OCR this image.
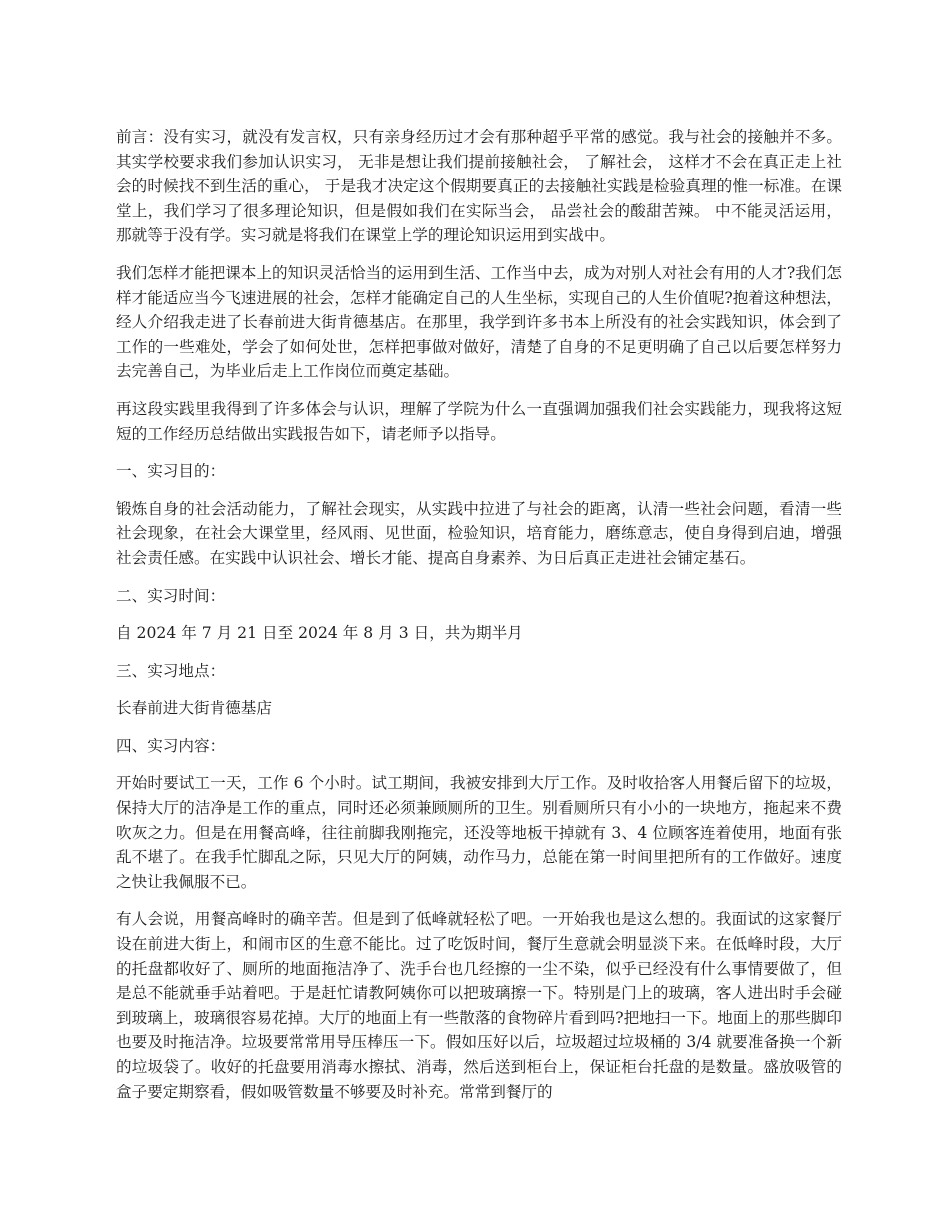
前言：没有实习，就没有发言权，只有亲身经历过才会有那种超乎平常的感觉。我与社会的接触并不多。其实学校要求我们参加认识实习， 无非是想让我们提前接触社会， 了解社会， 这样才不会在真正走上社会的时候找不到生活的重心， 于是我才决定这个假期要真正的去接触社实践是检验真理的惟一标准。在课堂上，我们学习了很多理论知识，但是假如我们在实际当会， 品尝社会的酸甜苦辣。 中不能灵活运用，那就等于没有学。实习就是将我们在课堂上学的理论知识运用到实战中。

我们怎样才能把课本上的知识灵活恰当的运用到生活、工作当中去，成为对别人对社会有用的人才?我们怎样才能适应当今飞速进展的社会，怎样才能确定自己的人生坐标，实现自己的人生价值呢?抱着这种想法，经人介绍我走进了长春前进大街肯德基店。在那里，我学到许多书本上所没有的社会实践知识，体会到了工作的一些难处，学会了如何处世，怎样把事做对做好，清楚了自身的不足更明确了自己以后要怎样努力去完善自己，为毕业后走上工作岗位而奠定基础。

再这段实践里我得到了许多体会与认识，理解了学院为什么一直强调加强我们社会实践能力，现我将这短短的工作经历总结做出实践报告如下，请老师予以指导。

一、实习目的：

锻炼自身的社会活动能力，了解社会现实，从实践中拉进了与社会的距离，认清一些社会问题，看清一些社会现象，在社会大课堂里，经风雨、见世面，检验知识，培育能力，磨练意志，使自身得到启迪，增强社会责任感。在实践中认识社会、增长才能、提高自身素养、为日后真正走进社会铺定基石。

二、实习时间：

自 2024 年 7 月 21 日至 2024 年 8 月 3 日，共为期半月

三、实习地点：

长春前进大街肯德基店

四、实习内容：

开始时要试工一天，工作 6 个小时。试工期间，我被安排到大厅工作。及时收拾客人用餐后留下的垃圾，保持大厅的洁净是工作的重点，同时还必须兼顾厕所的卫生。别看厕所只有小小的一块地方，拖起来不费吹灰之力。但是在用餐高峰，往往前脚我刚拖完，还没等地板干掉就有 3、4 位顾客连着使用，地面有张乱不堪了。在我手忙脚乱之际，只见大厅的阿姨，动作马力，总能在第一时间里把所有的工作做好。速度之快让我佩服不已。

有人会说，用餐高峰时的确辛苦。但是到了低峰就轻松了吧。一开始我也是这么想的。我面试的这家餐厅设在前进大街上，和闹市区的生意不能比。过了吃饭时间，餐厅生意就会明显淡下来。在低峰时段，大厅的托盘都收好了、厕所的地面拖洁净了、洗手台也几经擦的一尘不染，似乎已经没有什么事情要做了，但是总不能就垂手站着吧。于是赶忙请教阿姨你可以把玻璃擦一下。特别是门上的玻璃，客人进出时手会碰到玻璃上，玻璃很容易花掉。大厅的地面上有一些散落的食物碎片看到吗?把地扫一下。地面上的那些脚印也要及时拖洁净。垃圾要常常用导压棒压一下。假如压好以后，垃圾超过垃圾桶的 3/4 就要准备换一个新的垃圾袋了。收好的托盘要用消毒水擦拭、消毒，然后送到柜台上，保证柜台托盘的是数量。盛放吸管的盒子要定期察看，假如吸管数量不够要及时补充。常常到餐厅的
